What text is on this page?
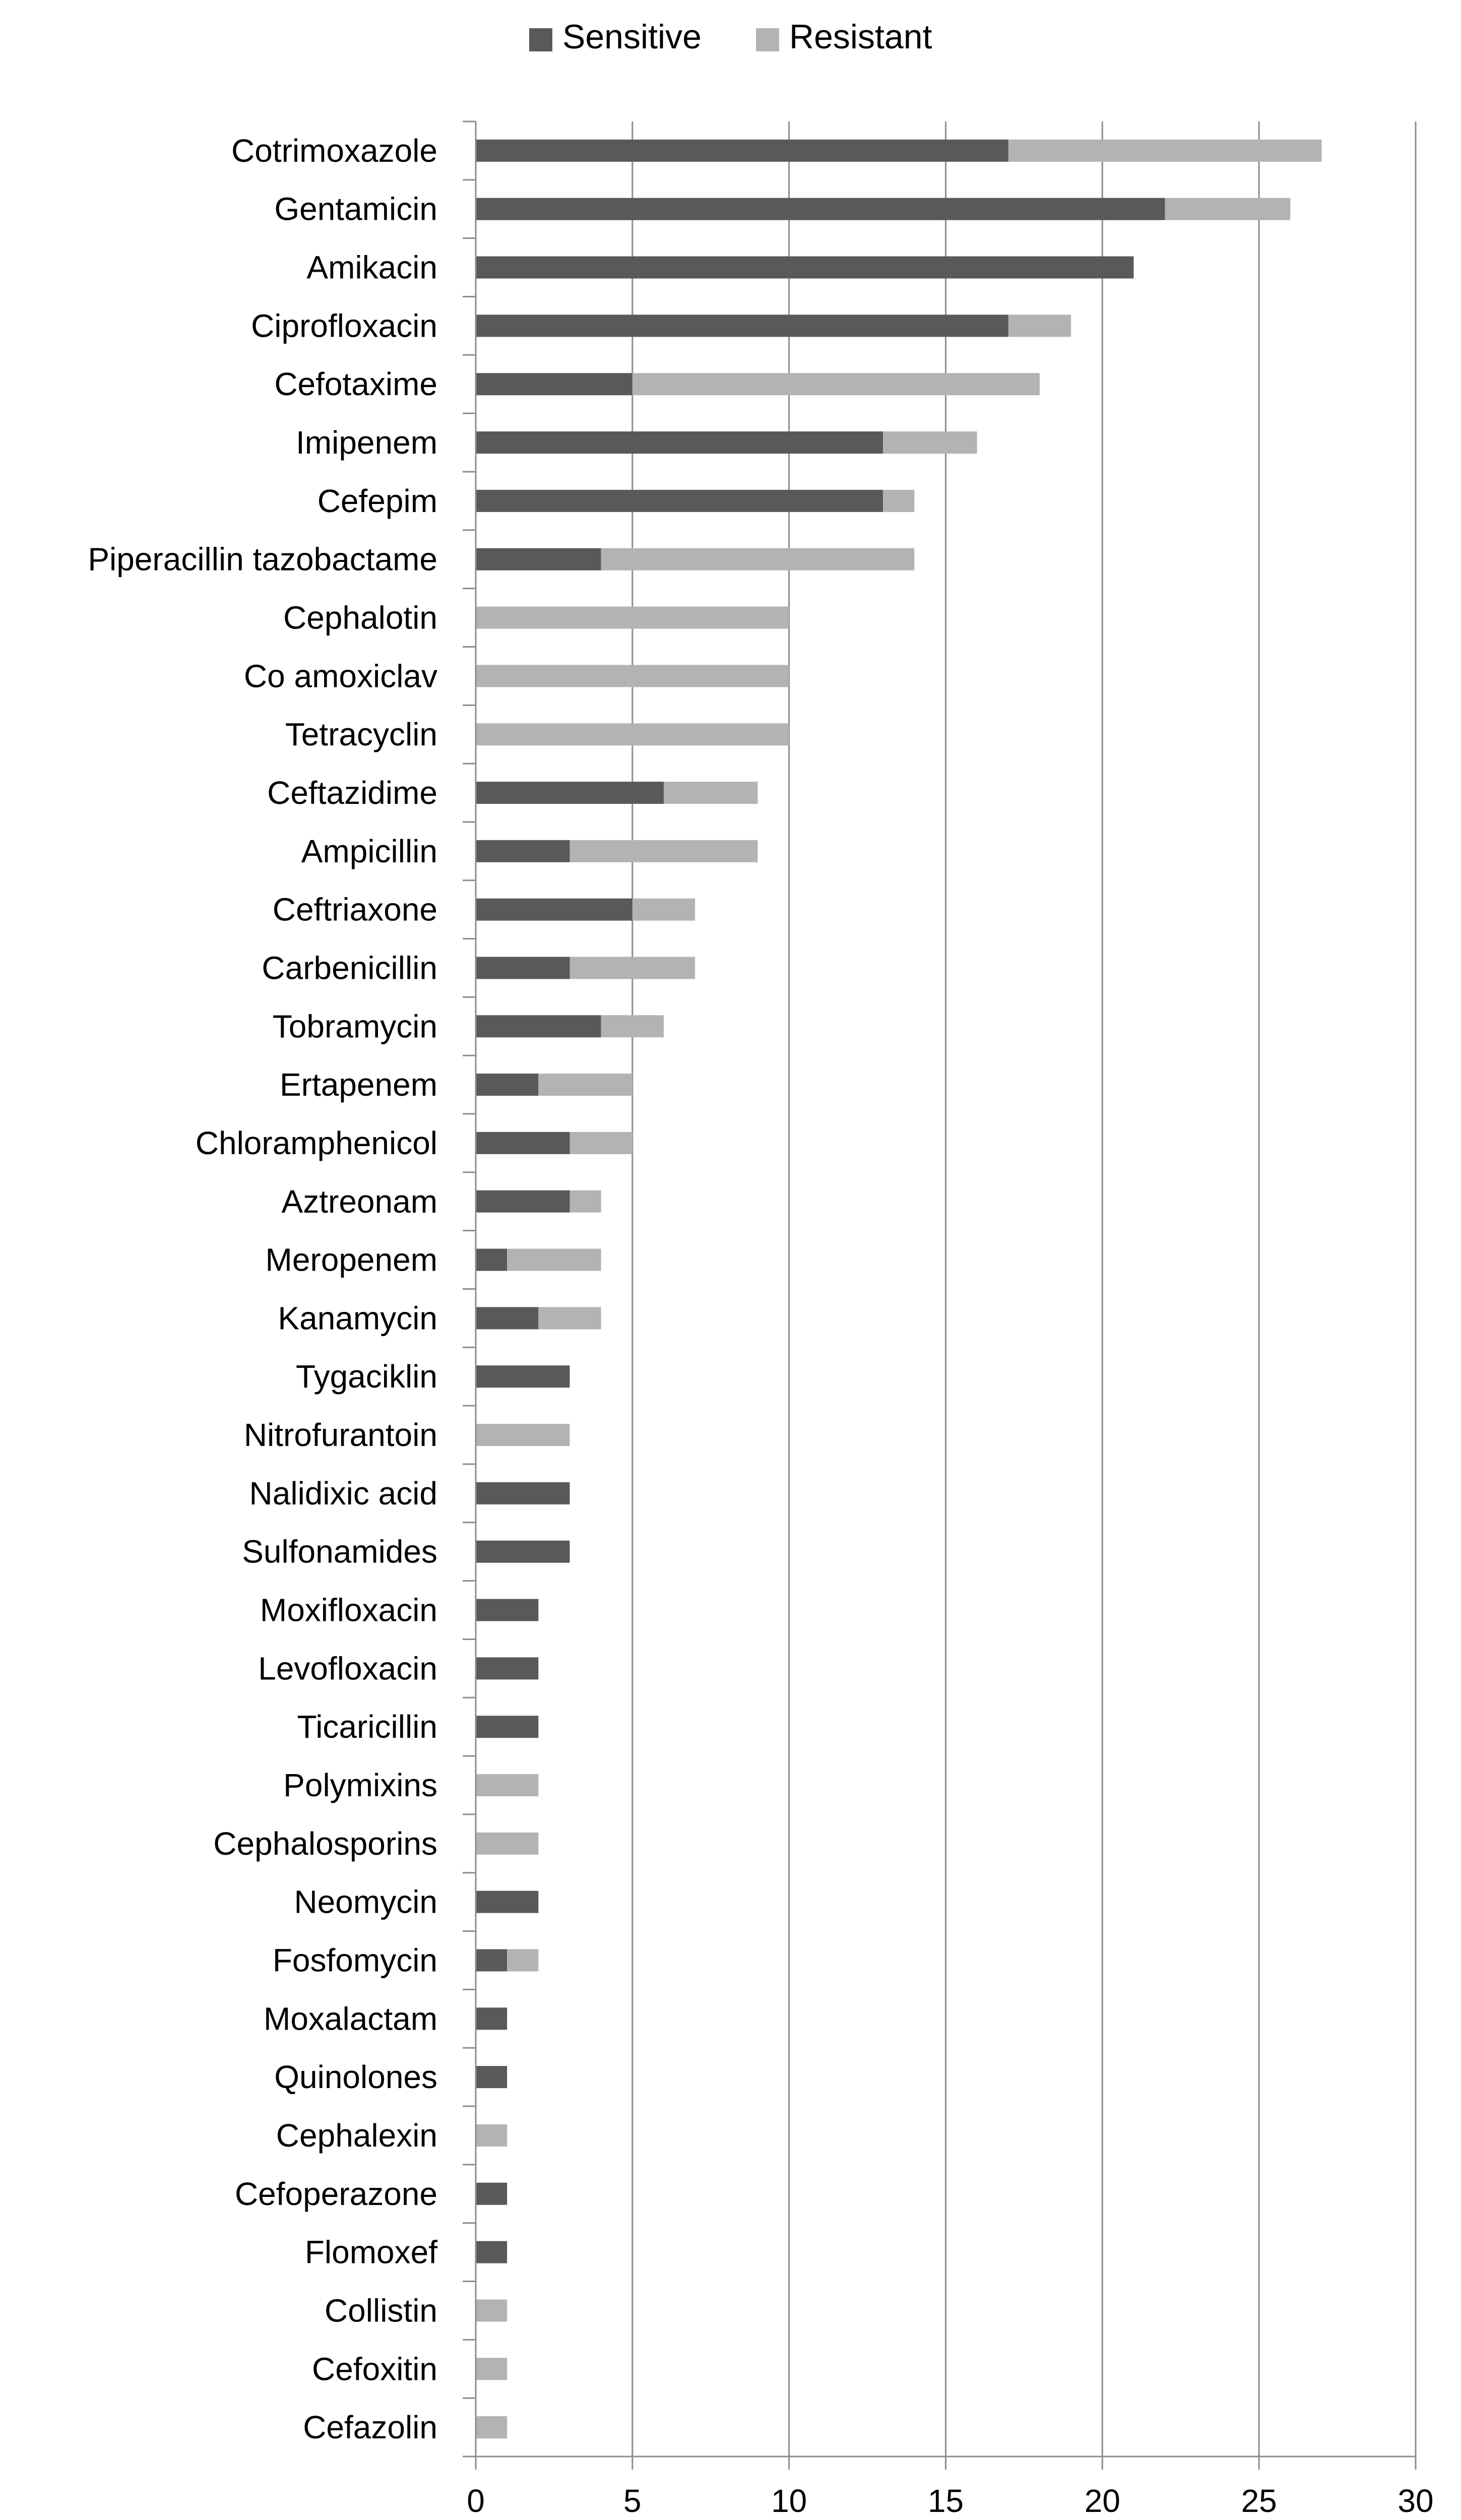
Sensitive	Resistant
Cotrimoxazole
Gentamicin
Amikacin
Ciprofloxacin
Cefotaxime
Imipenem
Cefepim
Piperacillin tazobactame
Cephalotin
Co amoxiclav
Tetracyclin
Ceftazidime
Ampicillin
Ceftriaxone
Carbenicillin
Tobramycin
Ertapenem
Chloramphenicol
Aztreonam
Meropenem
Kanamycin
Tygaciklin
Nitrofurantoin
Nalidixic acid
Sulfonamides
Moxifloxacin
Levofloxacin
Ticaricillin
Polymixins
Cephalosporins
Neomycin
Fosfomycin
Moxalactam
Quinolones
Cephalexin
Cefoperazone
Flomoxef
Collistin
Cefoxitin
Cefazolin
0	5	10	15	20	25	30
